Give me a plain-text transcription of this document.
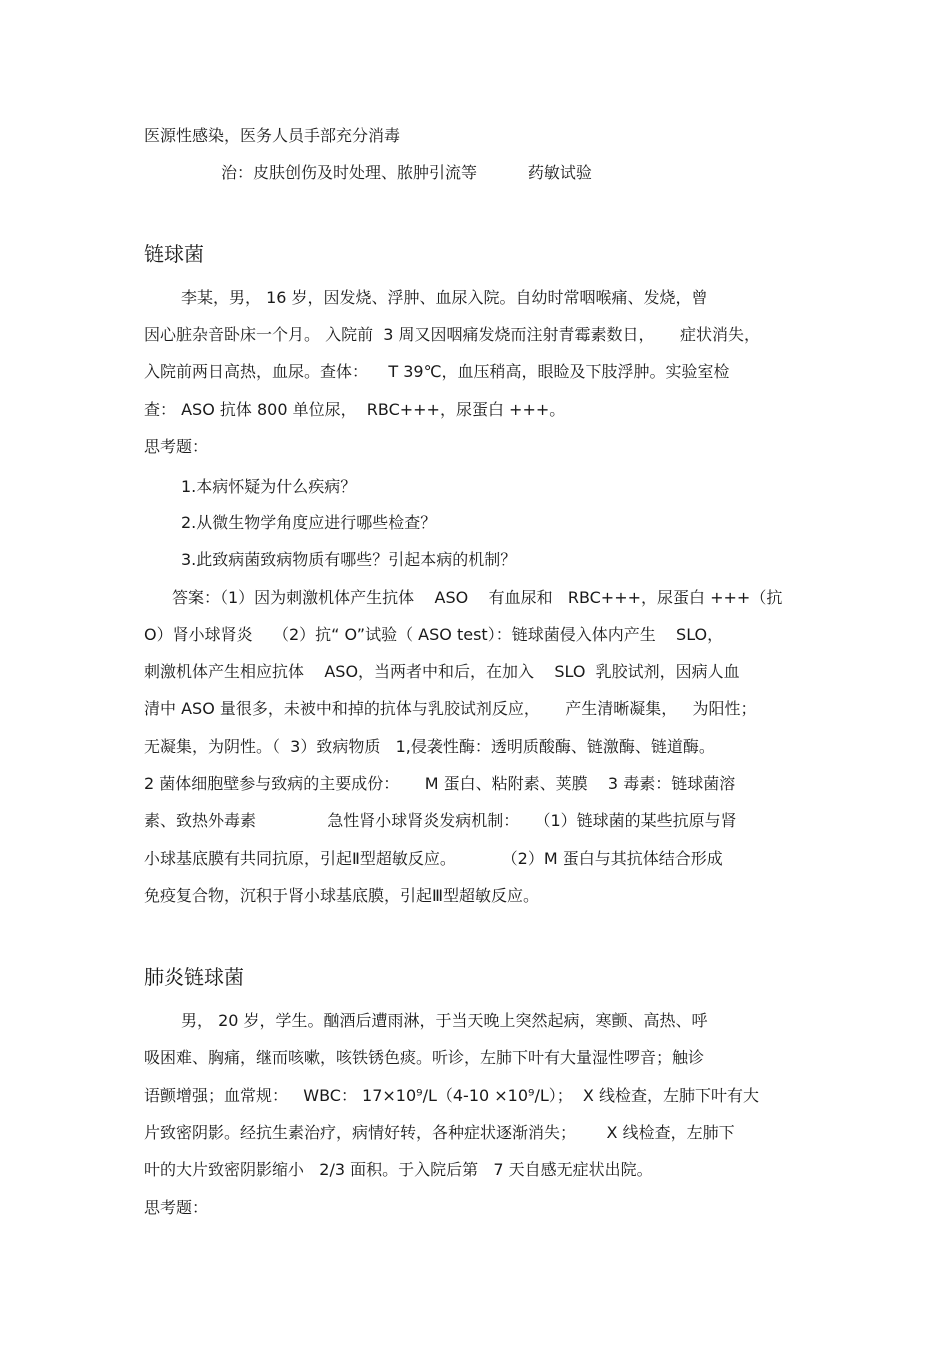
医源性感染，医务人员手部充分消毒

治：皮肤创伤及时处理、脓肿引流等          药敏试验

链球菌

李某，男， 16 岁，因发烧、浮肿、血尿入院。自幼时常咽喉痛、发烧，曾

因心脏杂音卧床一个月。 入院前  3 周又因咽痛发烧而注射青霉素数日，     症状消失，

入院前两日高热，血尿。查体：    T 39℃，血压稍高，眼睑及下肢浮肿。实验室检

查： ASO 抗体 800 单位尿，  RBC+++，尿蛋白 +++。

思考题：

1.本病怀疑为什么疾病？

2.从微生物学角度应进行哪些检查？

3.此致病菌致病物质有哪些？引起本病的机制？

答案：（1）因为刺激机体产生抗体    ASO    有血尿和   RBC+++，尿蛋白 +++（抗

O）肾小球肾炎    （2）抗“ O”试验（ ASO test）：链球菌侵入体内产生    SLO，

刺激机体产生相应抗体    ASO，当两者中和后，在加入    SLO  乳胶试剂，因病人血

清中 ASO 量很多，未被中和掉的抗体与乳胶试剂反应，     产生清晰凝集，   为阳性；

无凝集，为阴性。（  3）致病物质   1,侵袭性酶：透明质酸酶、链激酶、链道酶。

2 菌体细胞壁参与致病的主要成份：     M 蛋白、粘附素、荚膜    3 毒素：链球菌溶

素、致热外毒素              急性肾小球肾炎发病机制：   （1）链球菌的某些抗原与肾

小球基底膜有共同抗原，引起Ⅱ型超敏反应。         （2）M 蛋白与其抗体结合形成

免疫复合物，沉积于肾小球基底膜，引起Ⅲ型超敏反应。

肺炎链球菌

男， 20 岁，学生。酗酒后遭雨淋，于当天晚上突然起病，寒颤、高热、呼

吸困难、胸痛，继而咳嗽，咳铁锈色痰。听诊，左肺下叶有大量湿性啰音；触诊

语颤增强；血常规：   WBC： 17×10⁹/L（4-10 ×10⁹/L）；  X 线检查，左肺下叶有大

片致密阴影。经抗生素治疗，病情好转，各种症状逐渐消失；      X 线检查，左肺下

叶的大片致密阴影缩小   2/3 面积。于入院后第   7 天自感无症状出院。

思考题：
